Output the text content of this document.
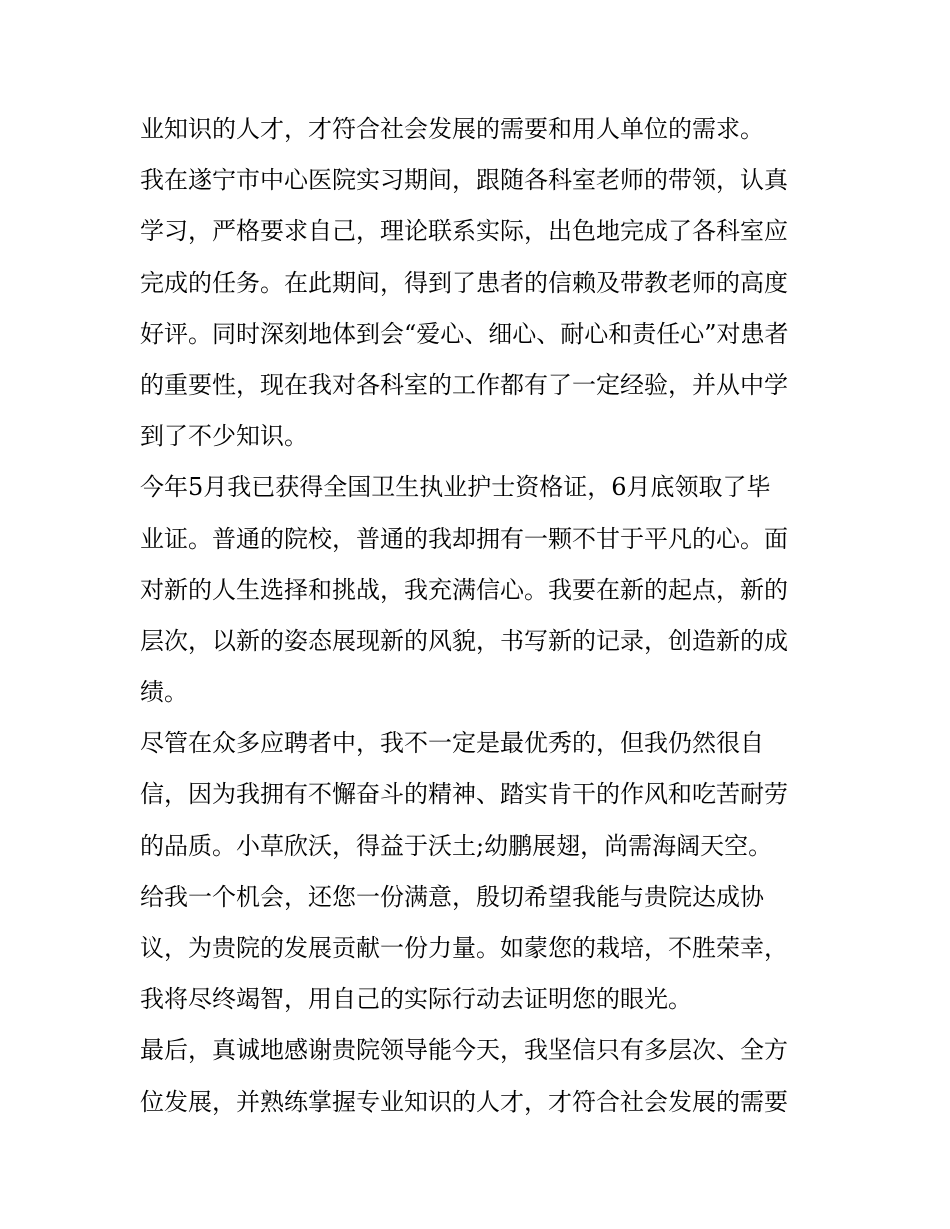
业知识的人才，才符合社会发展的需要和用人单位的需求。
我在遂宁市中心医院实习期间，跟随各科室老师的带领，认真
学习，严格要求自己，理论联系实际，出色地完成了各科室应
完成的任务。在此期间，得到了患者的信赖及带教老师的高度
好评。同时深刻地体到会“爱心、细心、耐心和责任心”对患者
的重要性，现在我对各科室的工作都有了一定经验，并从中学
到了不少知识。
今年5月我已获得全国卫生执业护士资格证，6月底领取了毕
业证。普通的院校，普通的我却拥有一颗不甘于平凡的心。面
对新的人生选择和挑战，我充满信心。我要在新的起点，新的
层次，以新的姿态展现新的风貌，书写新的记录，创造新的成
绩。
尽管在众多应聘者中，我不一定是最优秀的，但我仍然很自
信，因为我拥有不懈奋斗的精神、踏实肯干的作风和吃苦耐劳
的品质。小草欣沃，得益于沃土;幼鹏展翅，尚需海阔天空。
给我一个机会，还您一份满意，殷切希望我能与贵院达成协
议，为贵院的发展贡献一份力量。如蒙您的栽培，不胜荣幸，
我将尽终竭智，用自己的实际行动去证明您的眼光。
最后，真诚地感谢贵院领导能今天，我坚信只有多层次、全方
位发展，并熟练掌握专业知识的人才，才符合社会发展的需要
